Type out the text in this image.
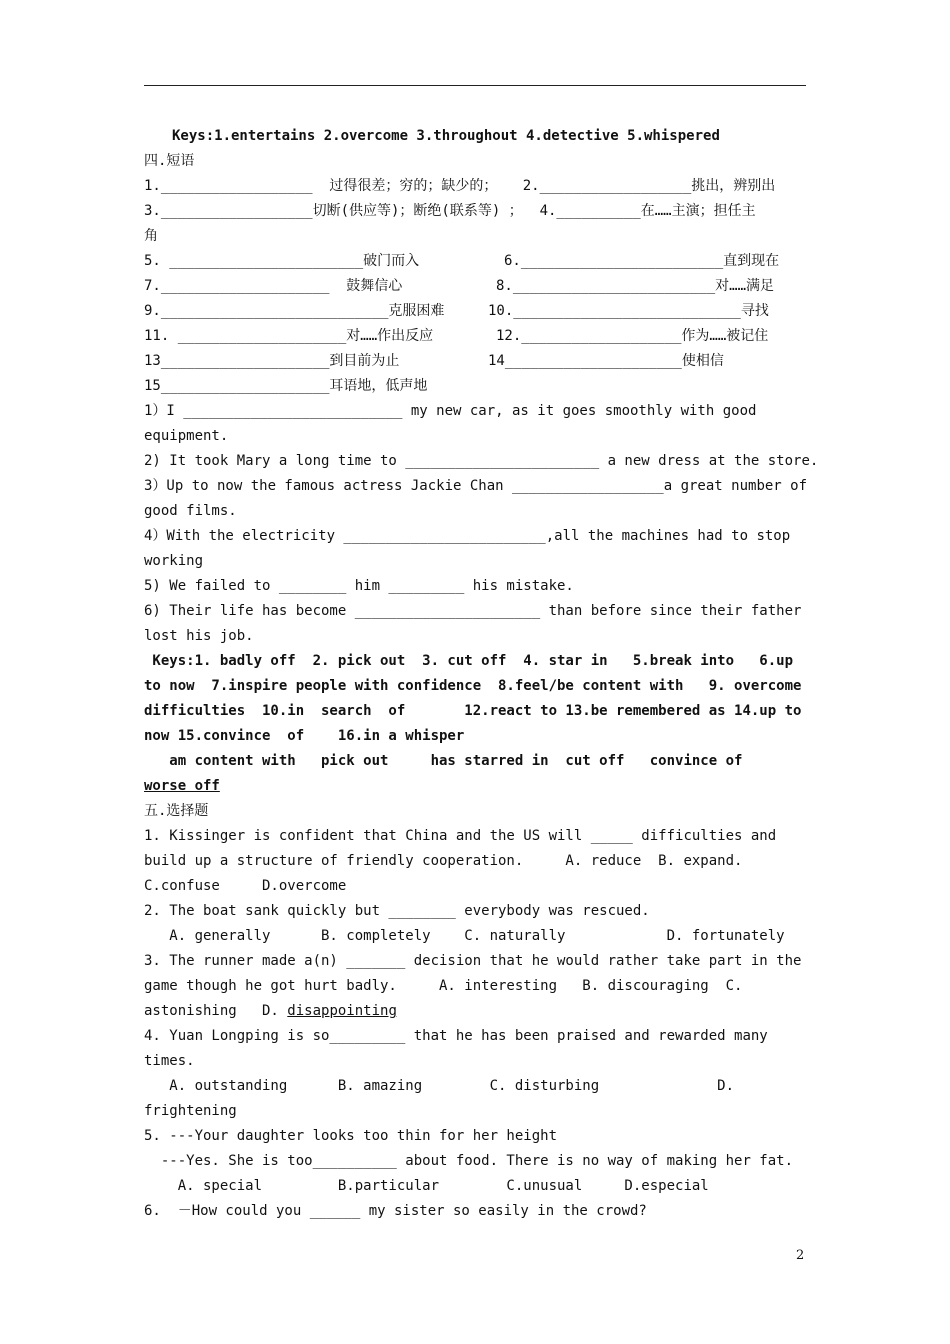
Keys:1.entertains 2.overcome 3.throughout 4.detective 5.whispered
四.短语
1.__________________  过得很差；穷的；缺少的；   2.__________________挑出，辨别出
3.__________________切断(供应等)；断绝(联系等) ；  4.__________在……主演；担任主
角
5. _______________________破门而入	6.________________________直到现在
7.____________________  鼓舞信心	8.________________________对……满足
9.___________________________克服困难	10.___________________________寻找
11. ____________________对……作出反应	12.___________________作为……被记住
13____________________到目前为止	14_____________________使相信
15____________________耳语地，低声地
1）I __________________________ my new car, as it goes smoothly with good
equipment.
2) It took Mary a long time to _______________________ a new dress at the store.
3）Up to now the famous actress Jackie Chan __________________a great number of
good films.
4）With the electricity ________________________,all the machines had to stop
working
5) We failed to ________ him _________ his mistake.
6) Their life has become ______________________ than before since their father
lost his job.
Keys:1. badly off  2. pick out  3. cut off  4. star in   5.break into   6.up
to now  7.inspire people with confidence  8.feel/be content with   9. overcome
difficulties  10.in  search  of       12.react to 13.be remembered as 14.up to
now 15.convince  of    16.in a whisper
am content with   pick out     has starred in  cut off   convince of
worse off
五.选择题
1. Kissinger is confident that China and the US will _____ difficulties and
build up a structure of friendly cooperation.     A. reduce  B. expand.
C.confuse     D.overcome
2. The boat sank quickly but ________ everybody was rescued.
A. generally      B. completely    C. naturally            D. fortunately
3. The runner made a(n) _______ decision that he would rather take part in the
game though he got hurt badly.     A. interesting   B. discouraging  C.
astonishing   D. disappointing
4. Yuan Longping is so_________ that he has been praised and rewarded many
times.
A. outstanding      B. amazing        C. disturbing              D.
frightening
5. ---Your daughter looks too thin for her height
---Yes. She is too__________ about food. There is no way of making her fat.
A. special         B.particular        C.unusual     D.especial
6.  －How could you ______ my sister so easily in the crowd?
2
